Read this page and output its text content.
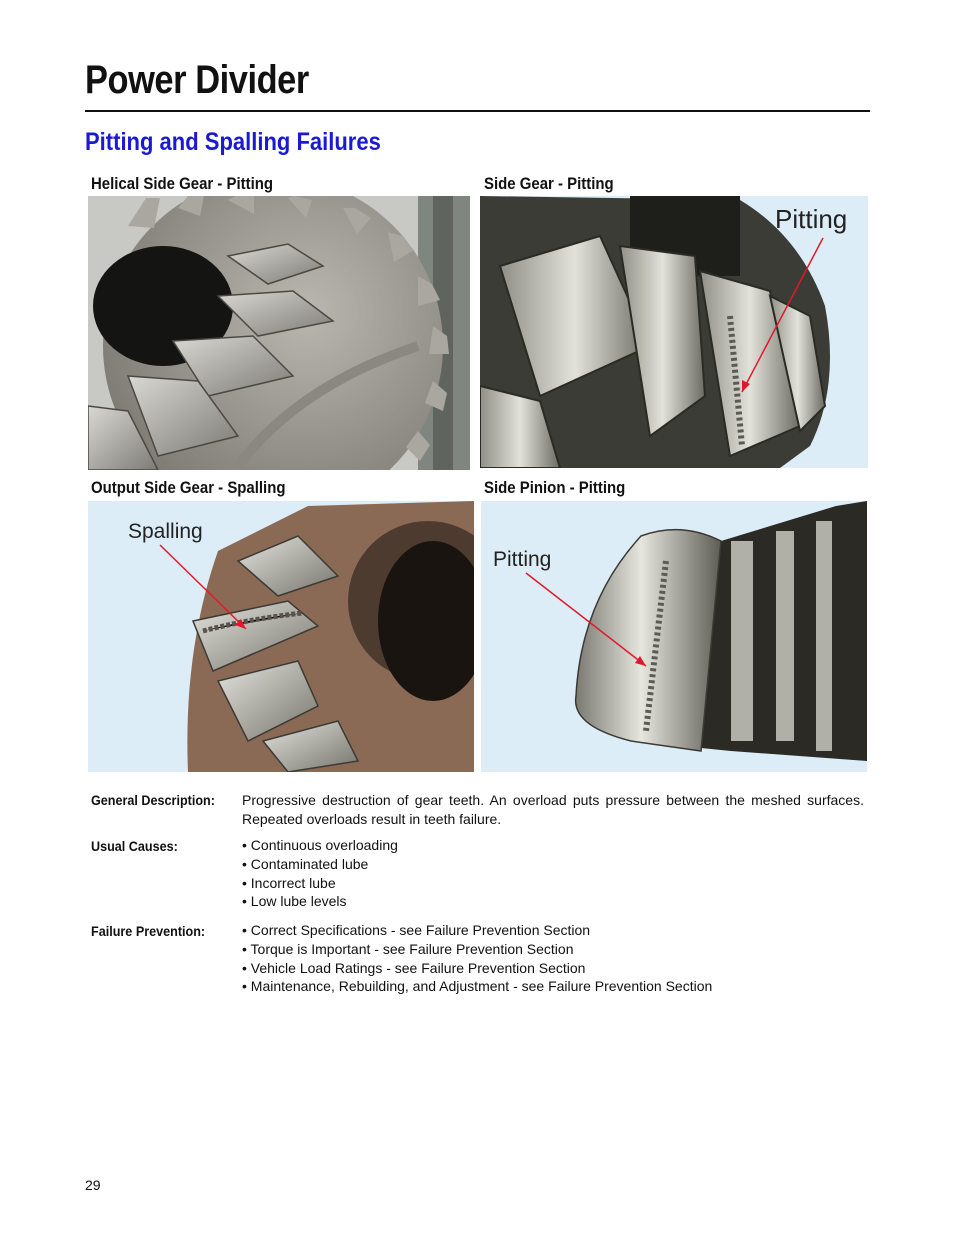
Power Divider
Pitting and Spalling Failures
Helical Side Gear - Pitting	Side Gear - Pitting
Output Side Gear - Spalling	Side Pinion - Pitting
Pitting
Spalling
Pitting
General Description: Progressive destruction of gear teeth. An overload puts pressure between the meshed surfaces. Repeated overloads result in teeth failure.
Usual Causes:	• Continuous overloading
• Contaminated lube
• Incorrect lube
• Low lube levels
Failure Prevention:	• Correct Specifications - see Failure Prevention Section
• Torque is Important - see Failure Prevention Section
• Vehicle Load Ratings - see Failure Prevention Section
• Maintenance, Rebuilding, and Adjustment - see Failure Prevention Section
29
